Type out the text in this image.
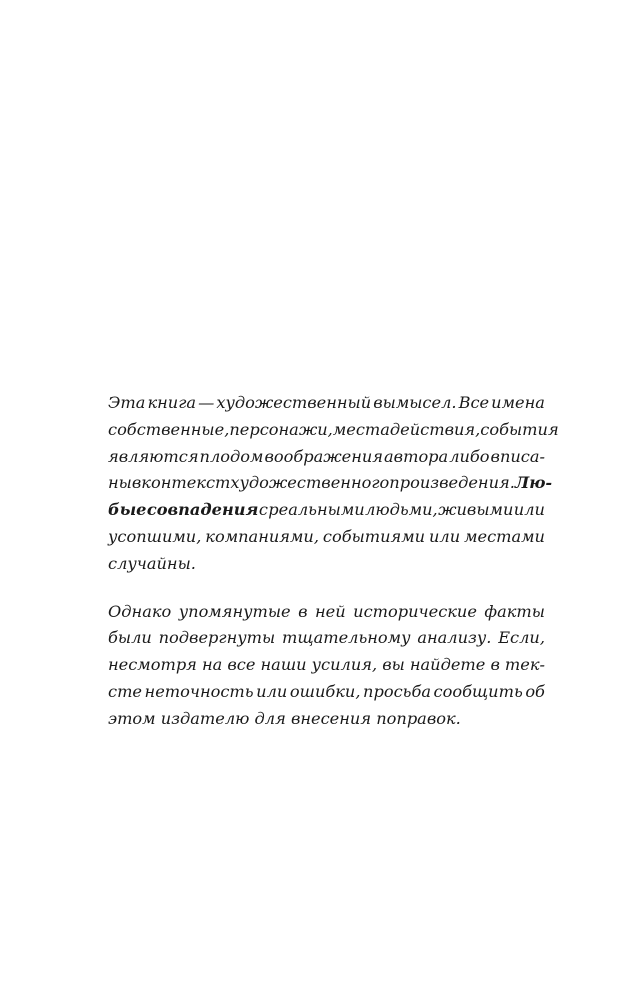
Эта книга — художественный вымысел. Все имена
собственные, персонажи, места действия, события
являются плодом воображения автора либо вписа-
ны в контекст художественного произведения. Лю-
бые совпадения с реальными людьми, живыми или
усопшими, компаниями, событиями или местами
случайны.
Однако упомянутые в ней исторические факты
были подвергнуты тщательному анализу. Если,
несмотря на все наши усилия, вы найдете в тек-
сте неточность или ошибки, просьба сообщить об
этом издателю для внесения поправок.
